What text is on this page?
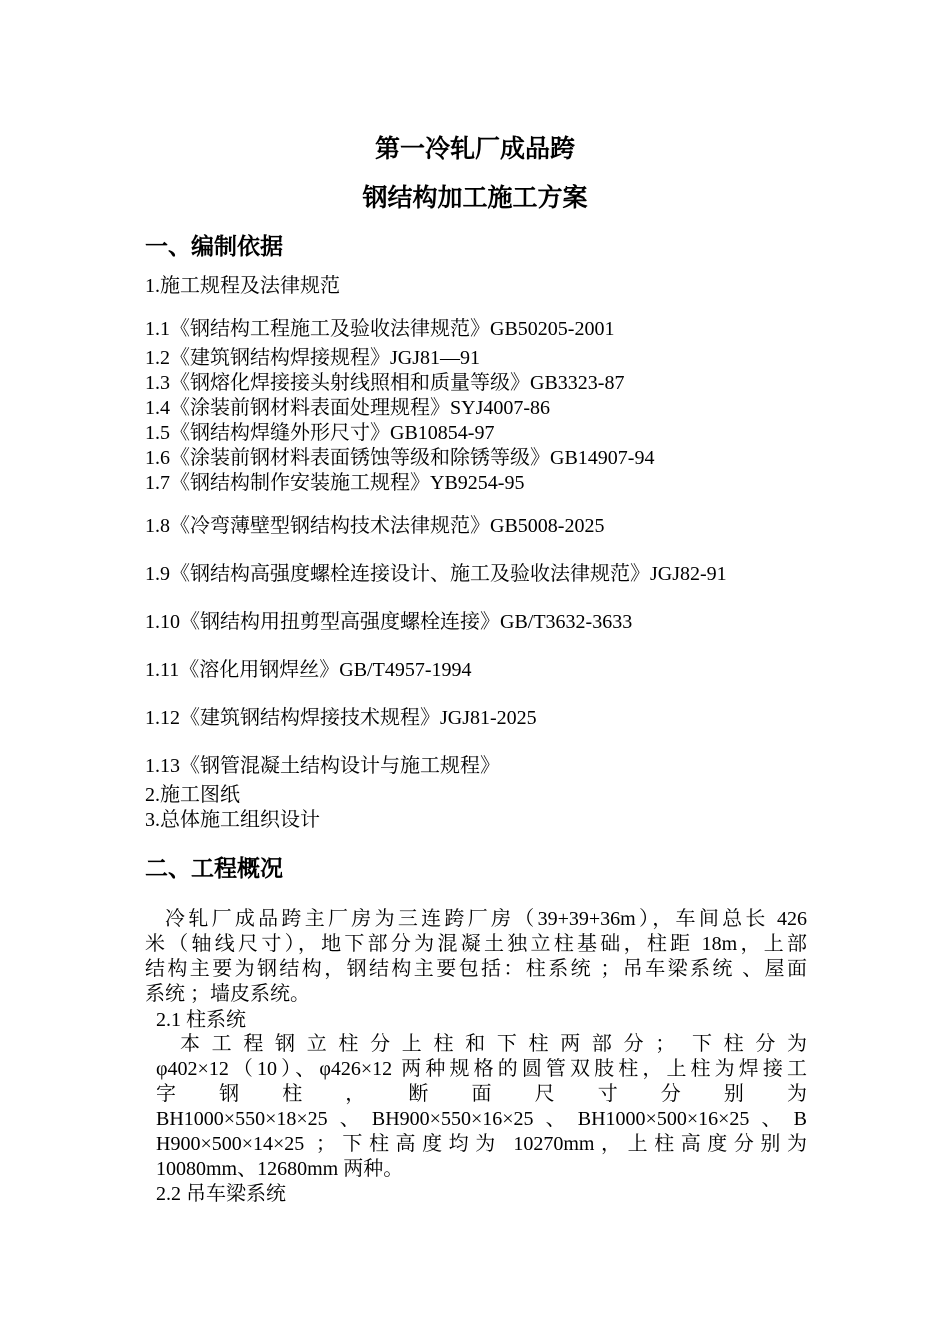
第一冷轧厂成品跨
钢结构加工施工方案
一、编制依据
1.施工规程及法律规范
1.1《钢结构工程施工及验收法律规范》GB50205-2001
1.2《建筑钢结构焊接规程》JGJ81—91
1.3《钢熔化焊接接头射线照相和质量等级》GB3323-87
1.4《涂装前钢材料表面处理规程》SYJ4007-86
1.5《钢结构焊缝外形尺寸》GB10854-97
1.6《涂装前钢材料表面锈蚀等级和除锈等级》GB14907-94
1.7《钢结构制作安装施工规程》YB9254-95
1.8《冷弯薄壁型钢结构技术法律规范》GB5008-2025
1.9《钢结构高强度螺栓连接设计、施工及验收法律规范》JGJ82-91
1.10《钢结构用扭剪型高强度螺栓连接》GB/T3632-3633
1.11《溶化用钢焊丝》GB/T4957-1994
1.12《建筑钢结构焊接技术规程》JGJ81-2025
1.13《钢管混凝土结构设计与施工规程》
2.施工图纸
3.总体施工组织设计
二、工程概况
冷轧厂成品跨主厂房为三连跨厂房（39+39+36m），车间总长 426
米（轴线尺寸），地下部分为混凝土独立柱基础，柱距 18m，上部
结构主要为钢结构，钢结构主要包括：柱系统 ；吊车梁系统 、屋面
系统 ；墙皮系统。
2.1 柱系统
本工程钢立柱分上柱和下柱两部分； 下柱分为
φ402×12（10）、φ426×12 两种规格的圆管双肢柱，上柱为焊接工
字 钢 柱 ， 断 面 尺 寸 分 别 为
BH1000×550×18×25、BH900×550×16×25、BH1000×500×16×25、B
H900×500×14×25 ；下柱高度均为 10270mm，上柱高度分别为
10080mm、12680mm 两种。
2.2 吊车梁系统
